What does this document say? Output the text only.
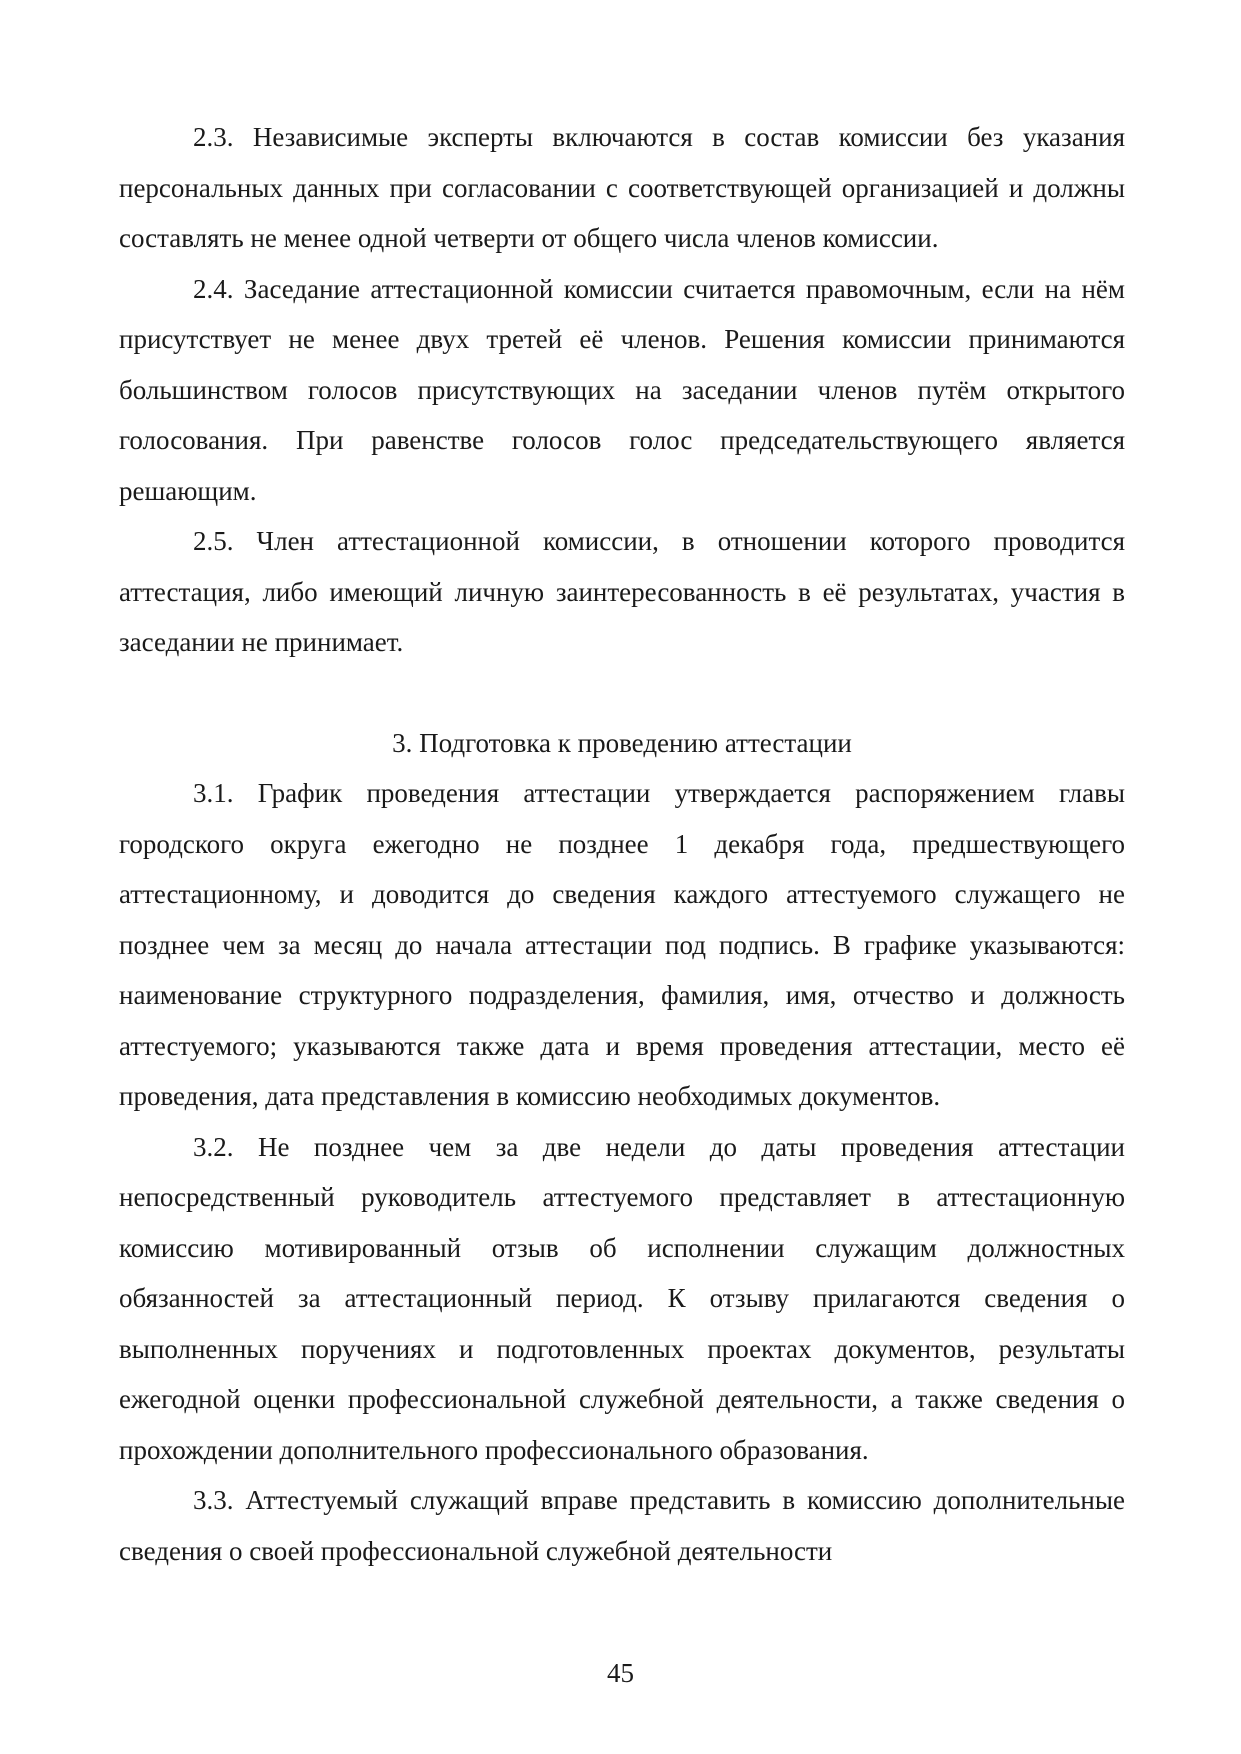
2.3. Независимые эксперты включаются в состав комиссии без указания персональных данных при согласовании с соответствующей организацией и должны составлять не менее одной четверти от общего числа членов комиссии.

2.4. Заседание аттестационной комиссии считается правомочным, если на нём присутствует не менее двух третей её членов. Решения комиссии принимаются большинством голосов присутствующих на заседании членов путём открытого голосования. При равенстве голосов голос председательствующего является решающим.

2.5. Член аттестационной комиссии, в отношении которого проводится аттестация, либо имеющий личную заинтересованность в её результатах, участия в заседании не принимает.

3. Подготовка к проведению аттестации

3.1. График проведения аттестации утверждается распоряжением главы городского округа ежегодно не позднее 1 декабря года, предшествующего аттестационному, и доводится до сведения каждого аттестуемого служащего не позднее чем за месяц до начала аттестации под подпись. В графике указываются: наименование структурного подразделения, фамилия, имя, отчество и должность аттестуемого; указываются также дата и время проведения аттестации, место её проведения, дата представления в комиссию необходимых документов.

3.2. Не позднее чем за две недели до даты проведения аттестации непосредственный руководитель аттестуемого представляет в аттестационную комиссию мотивированный отзыв об исполнении служащим должностных обязанностей за аттестационный период. К отзыву прилагаются сведения о выполненных поручениях и подготовленных проектах документов, результаты ежегодной оценки профессиональной служебной деятельности, а также сведения о прохождении дополнительного профессионального образования.

3.3. Аттестуемый служащий вправе представить в комиссию дополнительные сведения о своей профессиональной служебной деятельности

45
